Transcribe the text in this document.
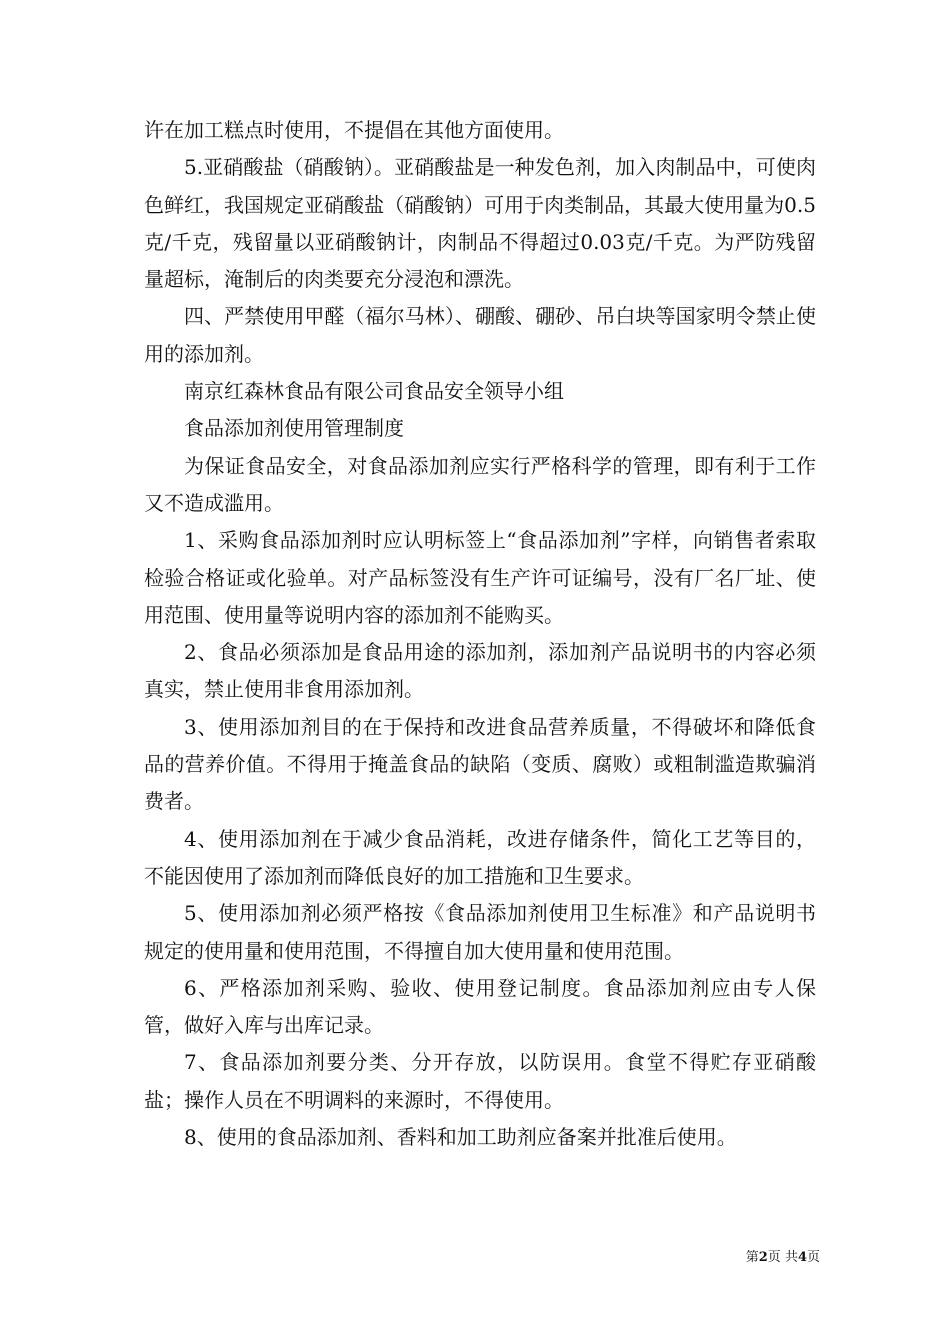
许在加工糕点时使用，不提倡在其他方面使用。

5.亚硝酸盐（硝酸钠）。亚硝酸盐是一种发色剂，加入肉制品中，可使肉色鲜红，我国规定亚硝酸盐（硝酸钠）可用于肉类制品，其最大使用量为0.5克/千克，残留量以亚硝酸钠计，肉制品不得超过0.03克/千克。为严防残留量超标，淹制后的肉类要充分浸泡和漂洗。

四、严禁使用甲醛（福尔马林）、硼酸、硼砂、吊白块等国家明令禁止使用的添加剂。

南京红森林食品有限公司食品安全领导小组

食品添加剂使用管理制度

为保证食品安全，对食品添加剂应实行严格科学的管理，即有利于工作又不造成滥用。

1、采购食品添加剂时应认明标签上“食品添加剂”字样，向销售者索取检验合格证或化验单。对产品标签没有生产许可证编号，没有厂名厂址、使用范围、使用量等说明内容的添加剂不能购买。

2、食品必须添加是食品用途的添加剂，添加剂产品说明书的内容必须真实，禁止使用非食用添加剂。

3、使用添加剂目的在于保持和改进食品营养质量，不得破坏和降低食品的营养价值。不得用于掩盖食品的缺陷（变质、腐败）或粗制滥造欺骗消费者。

4、使用添加剂在于减少食品消耗，改进存储条件，简化工艺等目的，不能因使用了添加剂而降低良好的加工措施和卫生要求。

5、使用添加剂必须严格按《食品添加剂使用卫生标准》和产品说明书规定的使用量和使用范围，不得擅自加大使用量和使用范围。

6、严格添加剂采购、验收、使用登记制度。食品添加剂应由专人保管，做好入库与出库记录。

7、食品添加剂要分类、分开存放，以防误用。食堂不得贮存亚硝酸盐；操作人员在不明调料的来源时，不得使用。

8、使用的食品添加剂、香料和加工助剂应备案并批准后使用。

第2页 共4页
